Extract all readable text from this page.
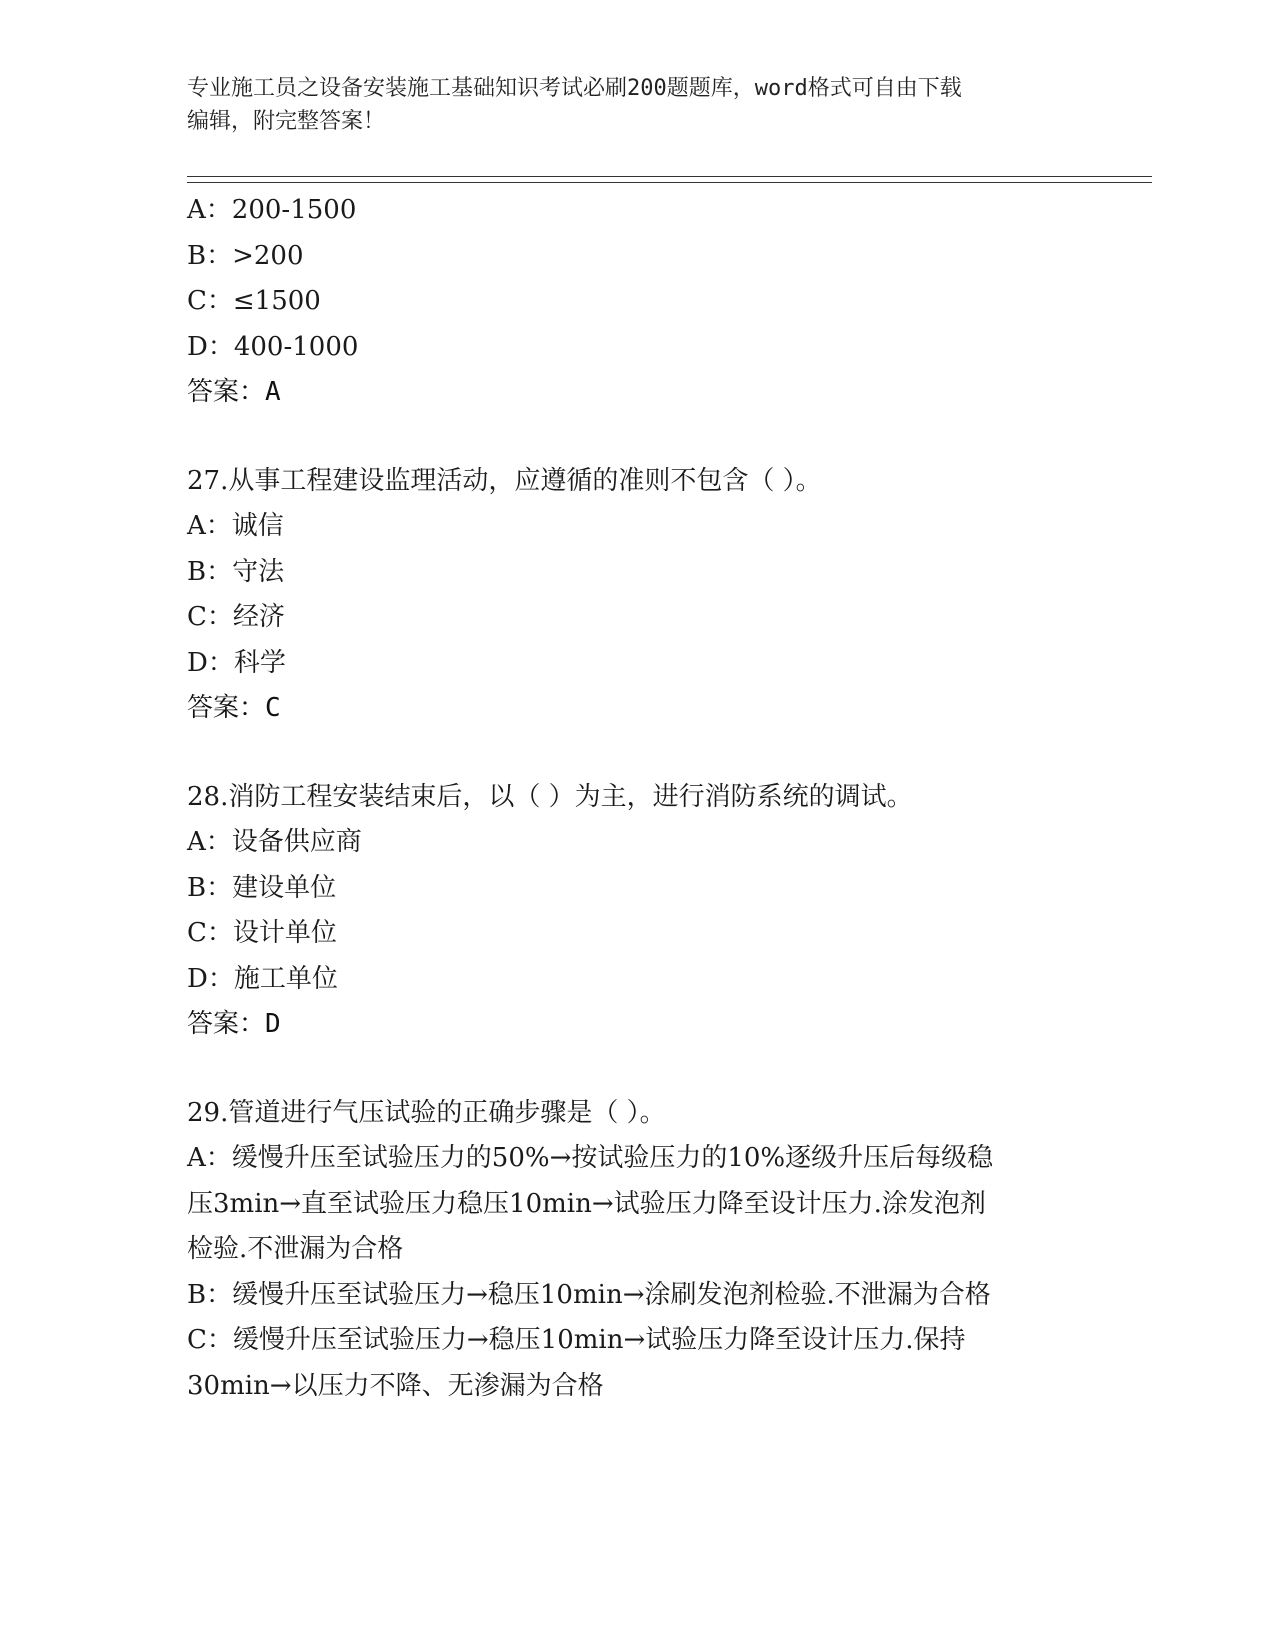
专业施工员之设备安装施工基础知识考试必刷200题题库，word格式可自由下载
编辑，附完整答案！
A：200-1500
B：>200
C：≤1500
D：400-1000
答案：A
27.从事工程建设监理活动，应遵循的准则不包含（ ）。
A：诚信
B：守法
C：经济
D：科学
答案：C
28.消防工程安装结束后，以（ ）为主，进行消防系统的调试。
A：设备供应商
B：建设单位
C：设计单位
D：施工单位
答案：D
29.管道进行气压试验的正确步骤是（ ）。
A：缓慢升压至试验压力的50%→按试验压力的10%逐级升压后每级稳
压3min→直至试验压力稳压10min→试验压力降至设计压力.涂发泡剂
检验.不泄漏为合格
B：缓慢升压至试验压力→稳压10min→涂刷发泡剂检验.不泄漏为合格
C：缓慢升压至试验压力→稳压10min→试验压力降至设计压力.保持
30min→以压力不降、无渗漏为合格
